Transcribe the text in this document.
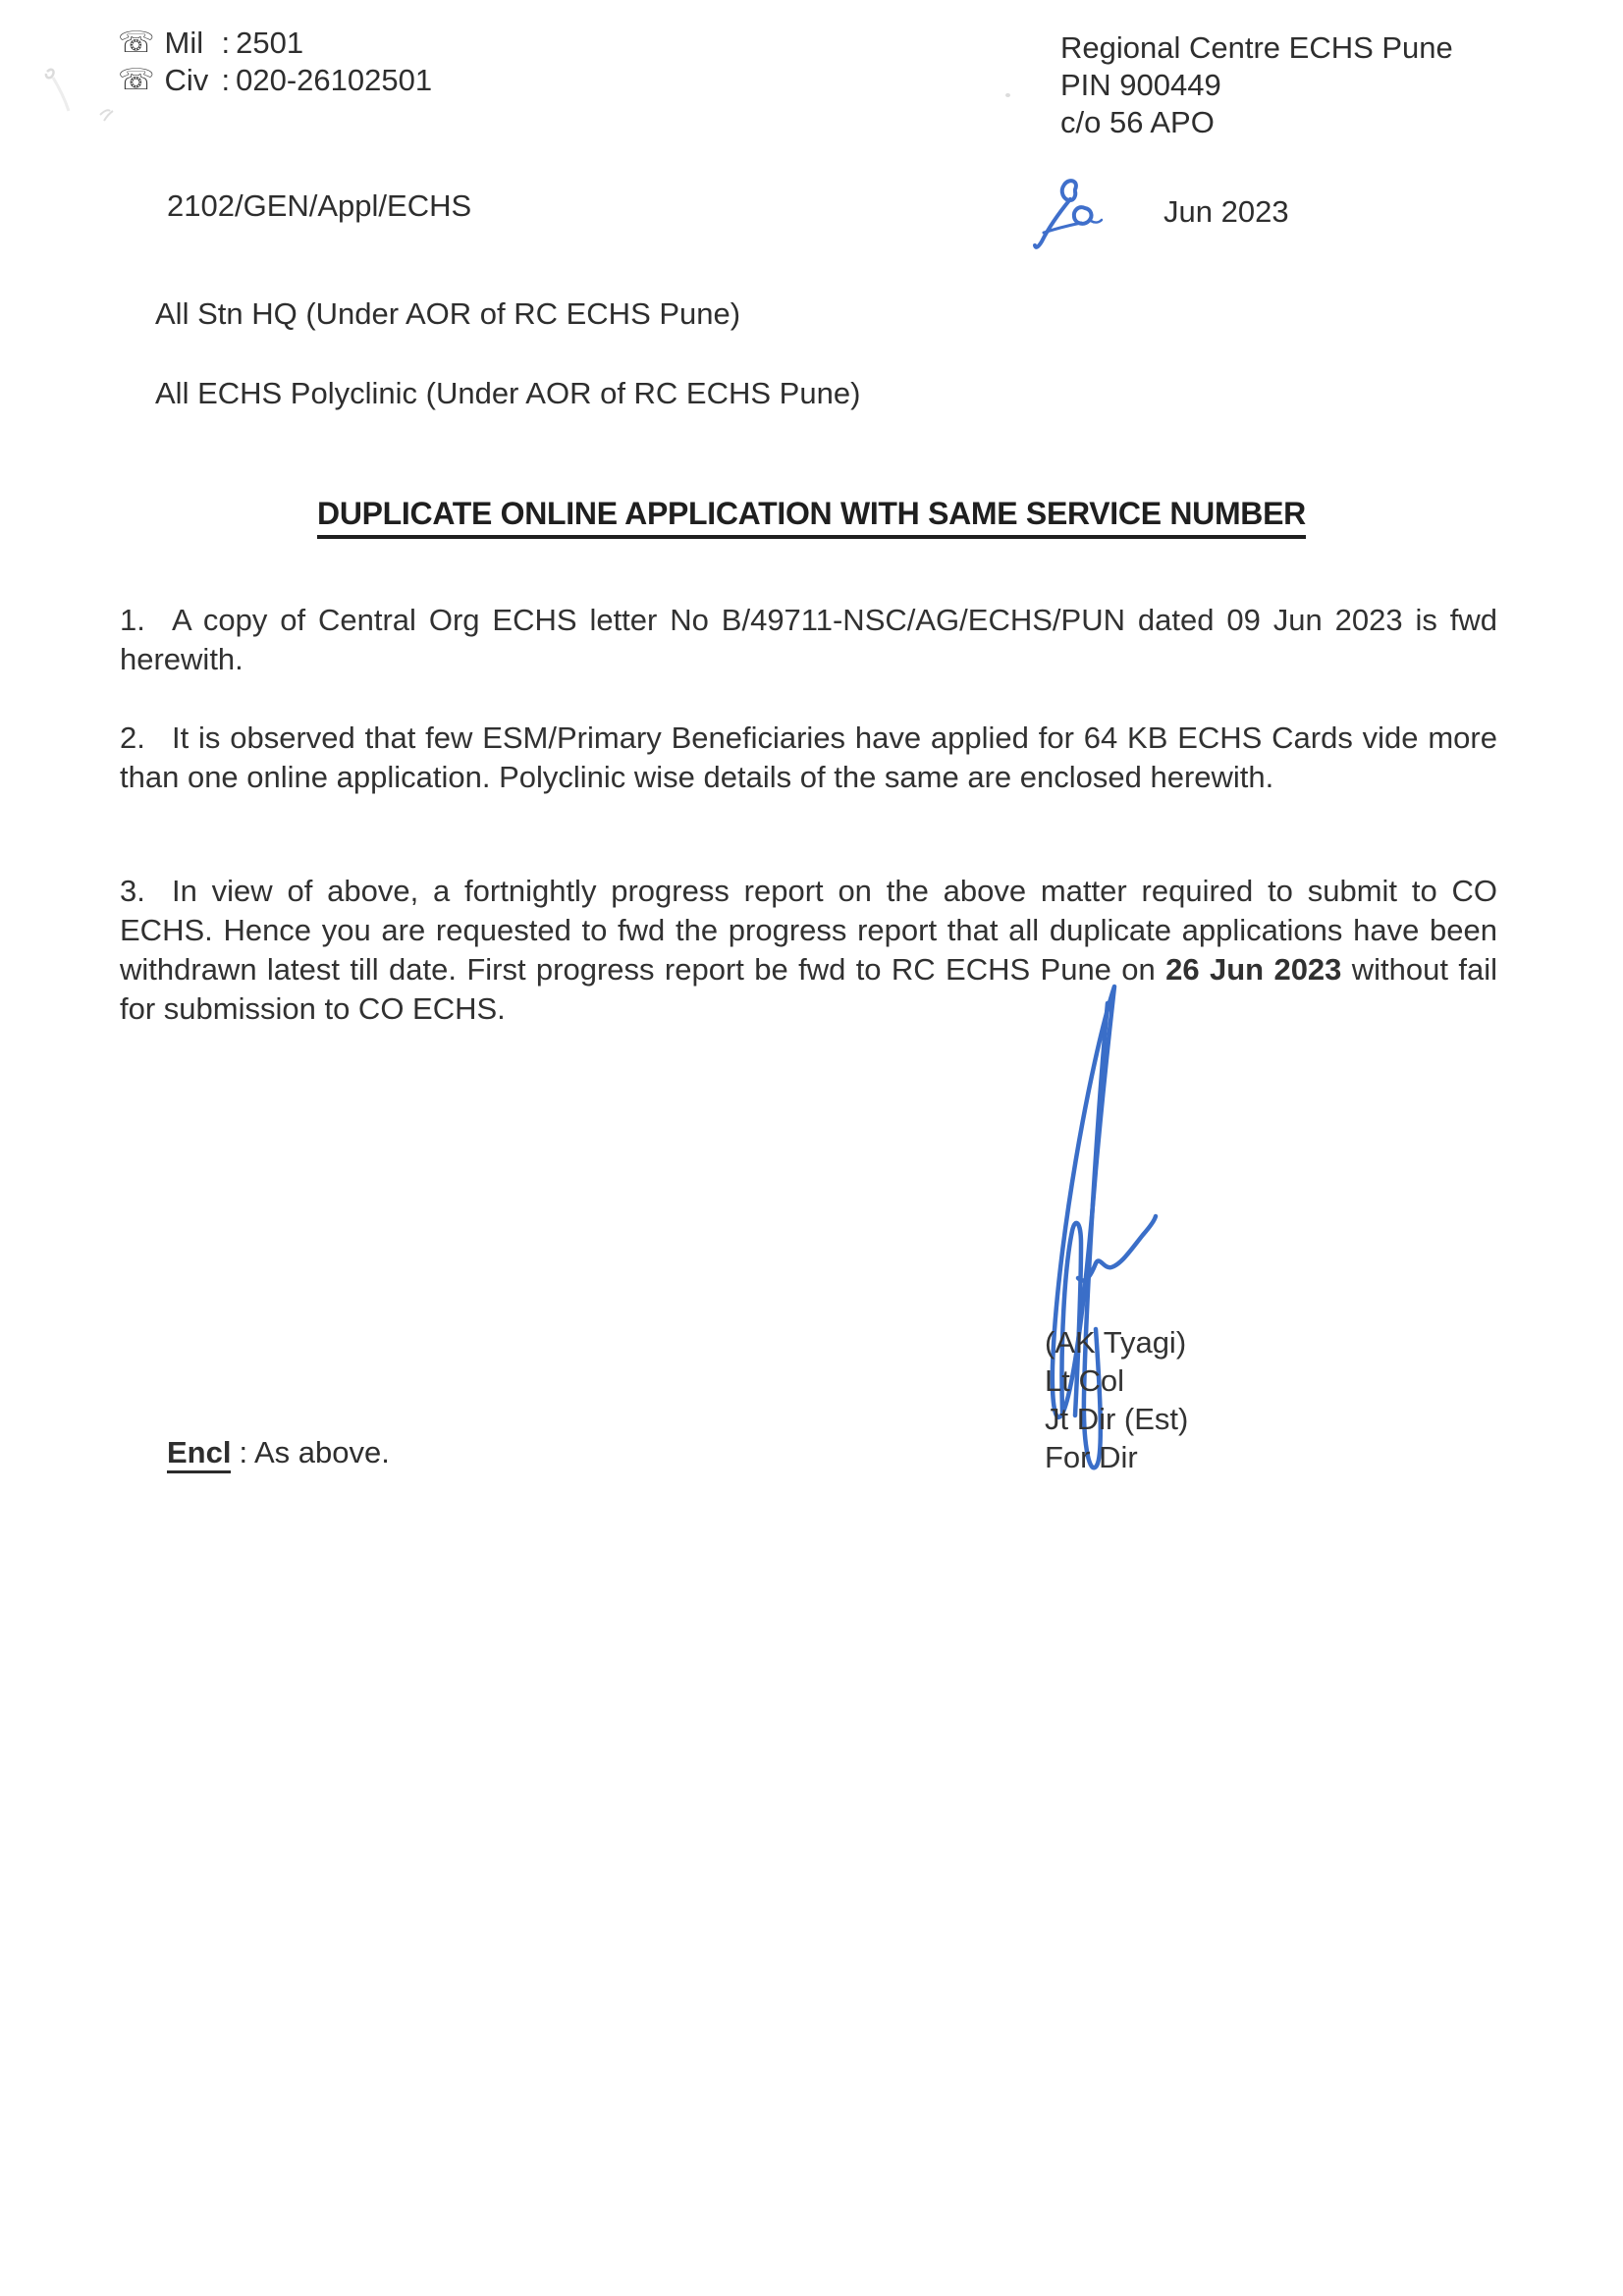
☏ Mil : 2501
☏ Civ : 020-26102501
Regional Centre ECHS Pune
PIN 900449
c/o 56 APO
2102/GEN/Appl/ECHS	Jun 2023
All Stn HQ (Under AOR of RC ECHS Pune)
All ECHS Polyclinic (Under AOR of RC ECHS Pune)
DUPLICATE ONLINE APPLICATION WITH SAME SERVICE NUMBER
1. A copy of Central Org ECHS letter No B/49711-NSC/AG/ECHS/PUN dated 09 Jun 2023 is fwd herewith.
2. It is observed that few ESM/Primary Beneficiaries have applied for 64 KB ECHS Cards vide more than one online application. Polyclinic wise details of the same are enclosed herewith.
3. In view of above, a fortnightly progress report on the above matter required to submit to CO ECHS. Hence you are requested to fwd the progress report that all duplicate applications have been withdrawn latest till date. First progress report be fwd to RC ECHS Pune on 26 Jun 2023 without fail for submission to CO ECHS.
(AK Tyagi)
Lt Col
Jt Dir (Est)
For Dir
Encl : As above.
